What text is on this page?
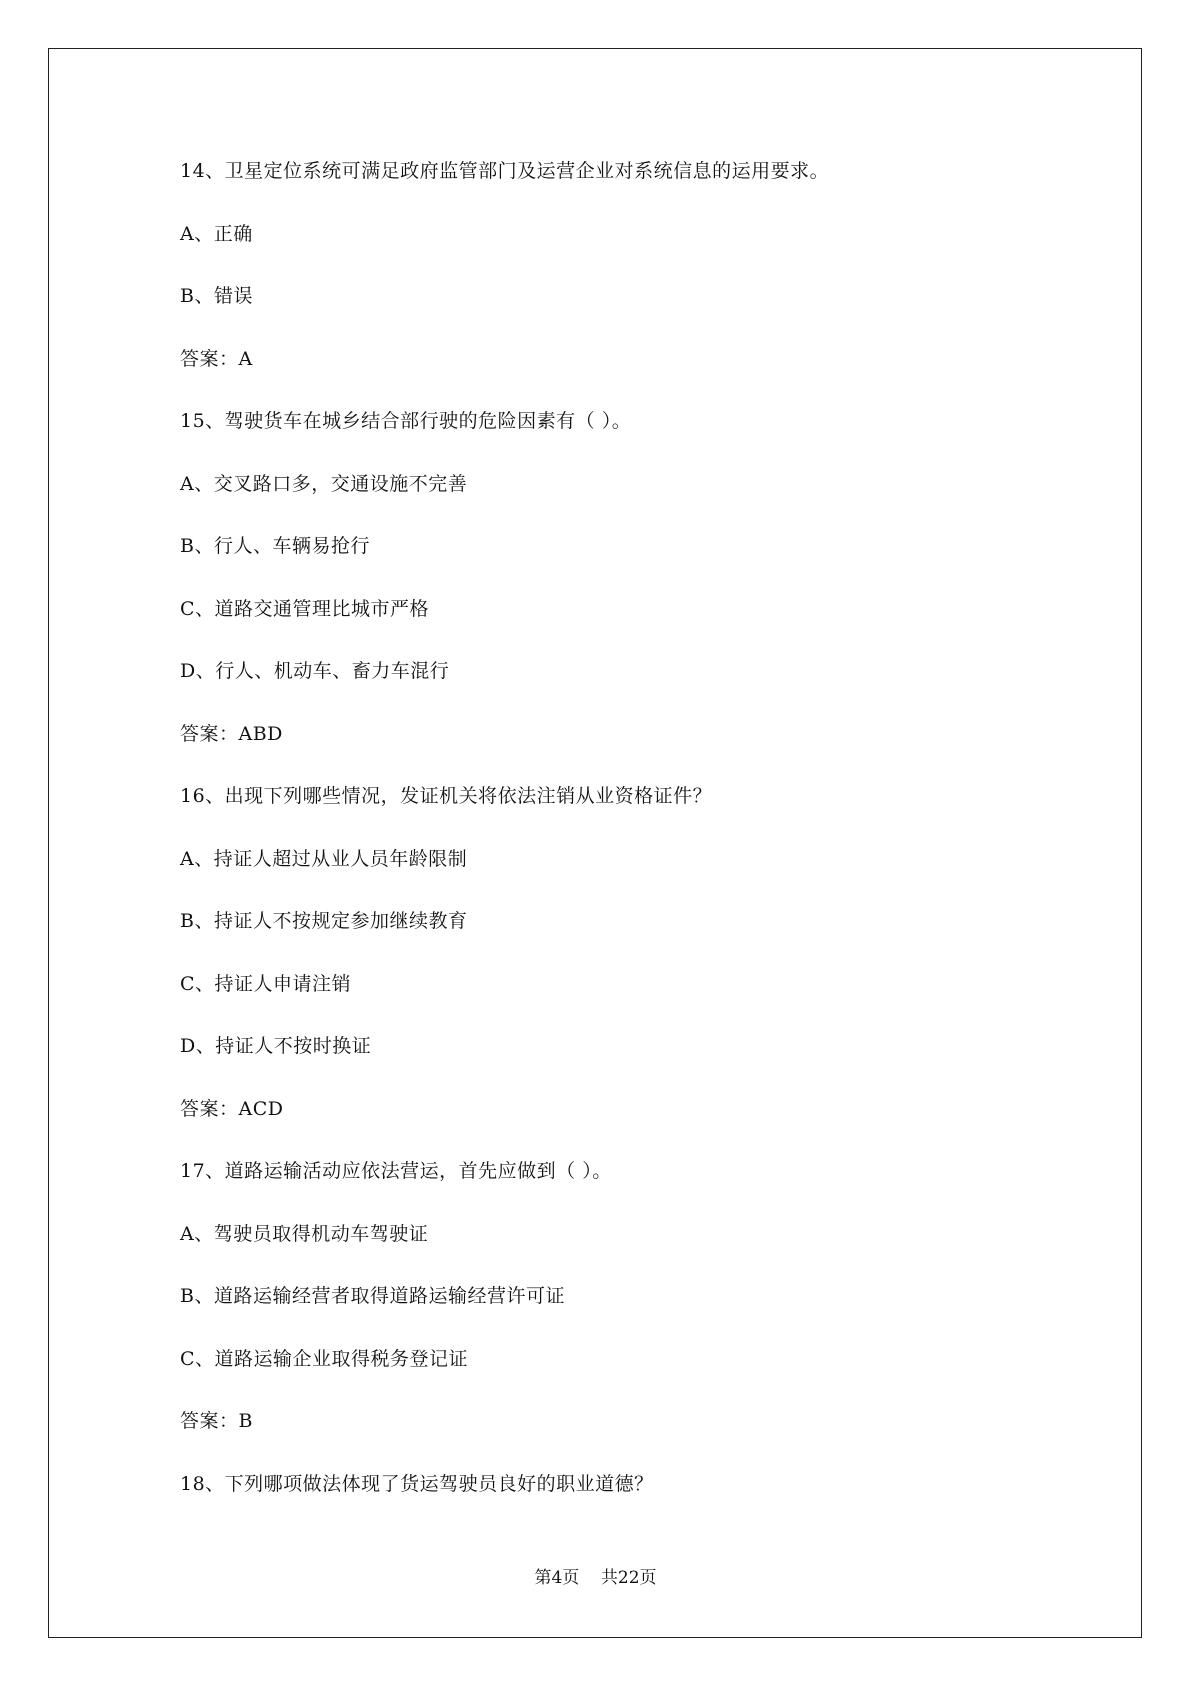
14、卫星定位系统可满足政府监管部门及运营企业对系统信息的运用要求。
A、正确
B、错误
答案：A
15、驾驶货车在城乡结合部行驶的危险因素有（ ）。
A、交叉路口多，交通设施不完善
B、行人、车辆易抢行
C、道路交通管理比城市严格
D、行人、机动车、畜力车混行
答案：ABD
16、出现下列哪些情况，发证机关将依法注销从业资格证件？
A、持证人超过从业人员年龄限制
B、持证人不按规定参加继续教育
C、持证人申请注销
D、持证人不按时换证
答案：ACD
17、道路运输活动应依法营运，首先应做到（ ）。
A、驾驶员取得机动车驾驶证
B、道路运输经营者取得道路运输经营许可证
C、道路运输企业取得税务登记证
答案：B
18、下列哪项做法体现了货运驾驶员良好的职业道德？
第4页    共22页
